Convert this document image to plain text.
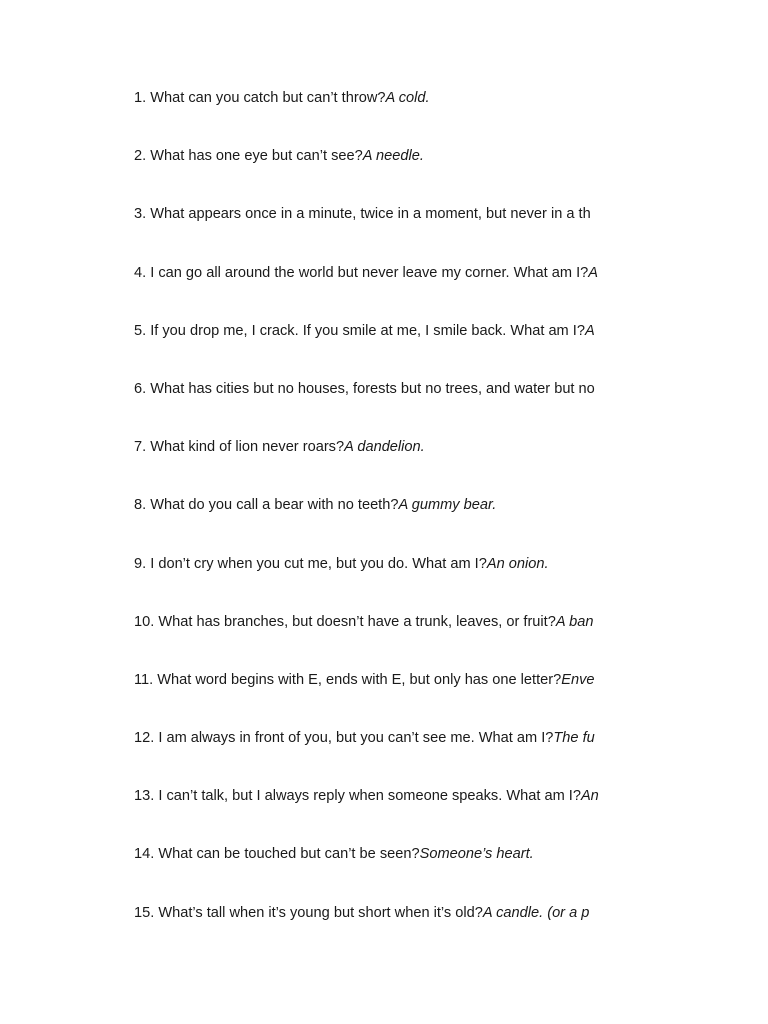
1. What can you catch but can’t throw?A cold.
2. What has one eye but can’t see?A needle.
3. What appears once in a minute, twice in a moment, but never in a th
4. I can go all around the world but never leave my corner. What am I?A
5. If you drop me, I crack. If you smile at me, I smile back. What am I?A
6. What has cities but no houses, forests but no trees, and water but no
7. What kind of lion never roars?A dandelion.
8. What do you call a bear with no teeth?A gummy bear.
9. I don’t cry when you cut me, but you do. What am I?An onion.
10. What has branches, but doesn’t have a trunk, leaves, or fruit?A ban
11. What word begins with E, ends with E, but only has one letter?Enve
12. I am always in front of you, but you can’t see me. What am I?The fu
13. I can’t talk, but I always reply when someone speaks. What am I?An
14. What can be touched but can’t be seen?Someone’s heart.
15. What’s tall when it’s young but short when it’s old?A candle. (or a p
